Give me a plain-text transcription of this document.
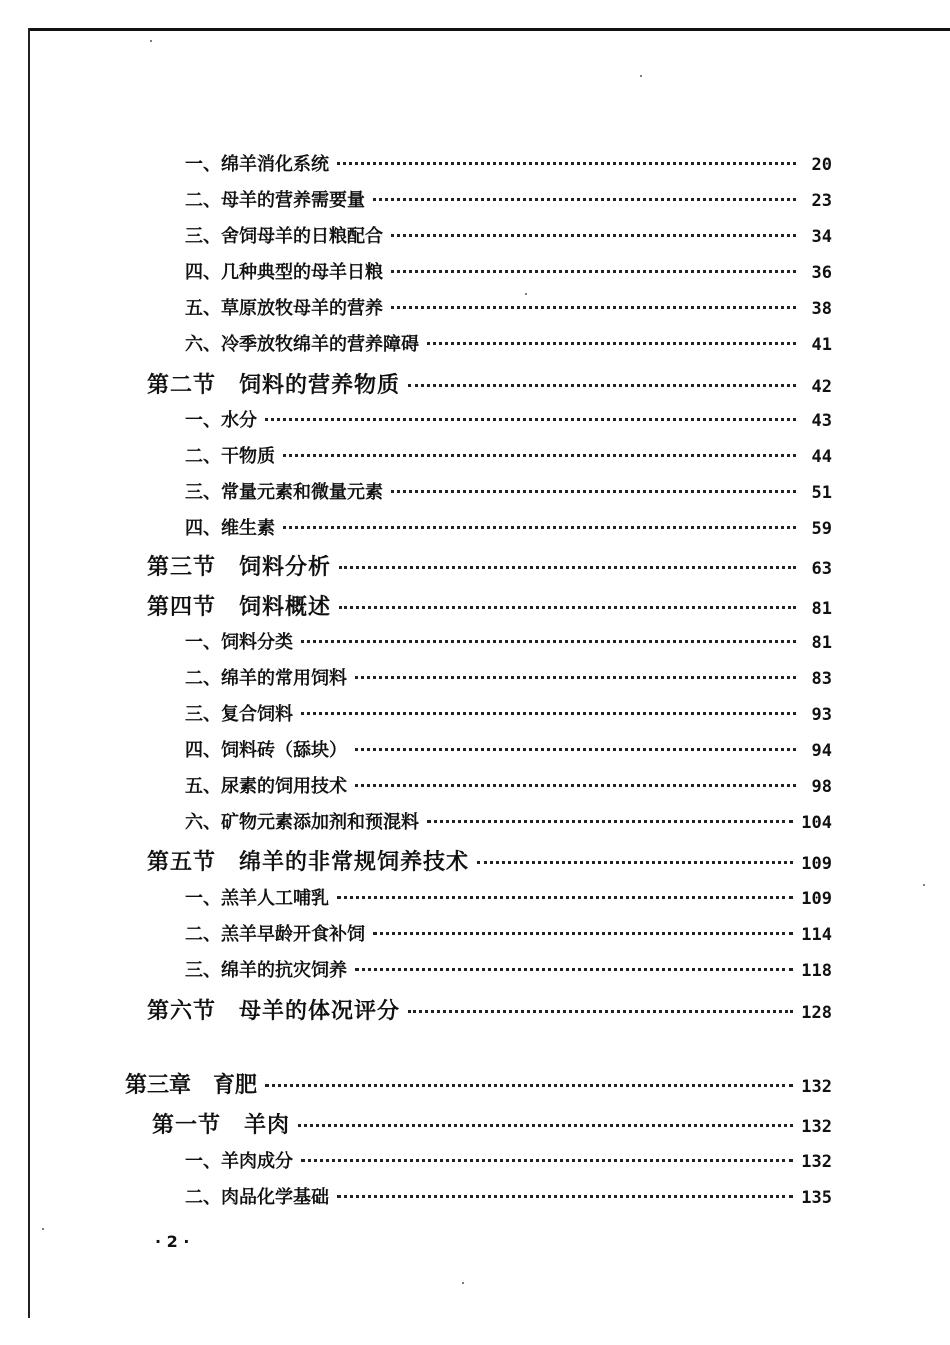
一、绵羊消化系统	20
二、母羊的营养需要量	23
三、舍饲母羊的日粮配合	34
四、几种典型的母羊日粮	36
五、草原放牧母羊的营养	38
六、冷季放牧绵羊的营养障碍	41
第二节　饲料的营养物质	42
一、水分	43
二、干物质	44
三、常量元素和微量元素	51
四、维生素	59
第三节　饲料分析	63
第四节　饲料概述	81
一、饲料分类	81
二、绵羊的常用饲料	83
三、复合饲料	93
四、饲料砖（舔块）	94
五、尿素的饲用技术	98
六、矿物元素添加剂和预混料	104
第五节　绵羊的非常规饲养技术	109
一、羔羊人工哺乳	109
二、羔羊早龄开食补饲	114
三、绵羊的抗灾饲养	118
第六节　母羊的体况评分	128
第三章　育肥	132
第一节　羊肉	132
一、羊肉成分	132
二、肉品化学基础	135
· 2 ·
